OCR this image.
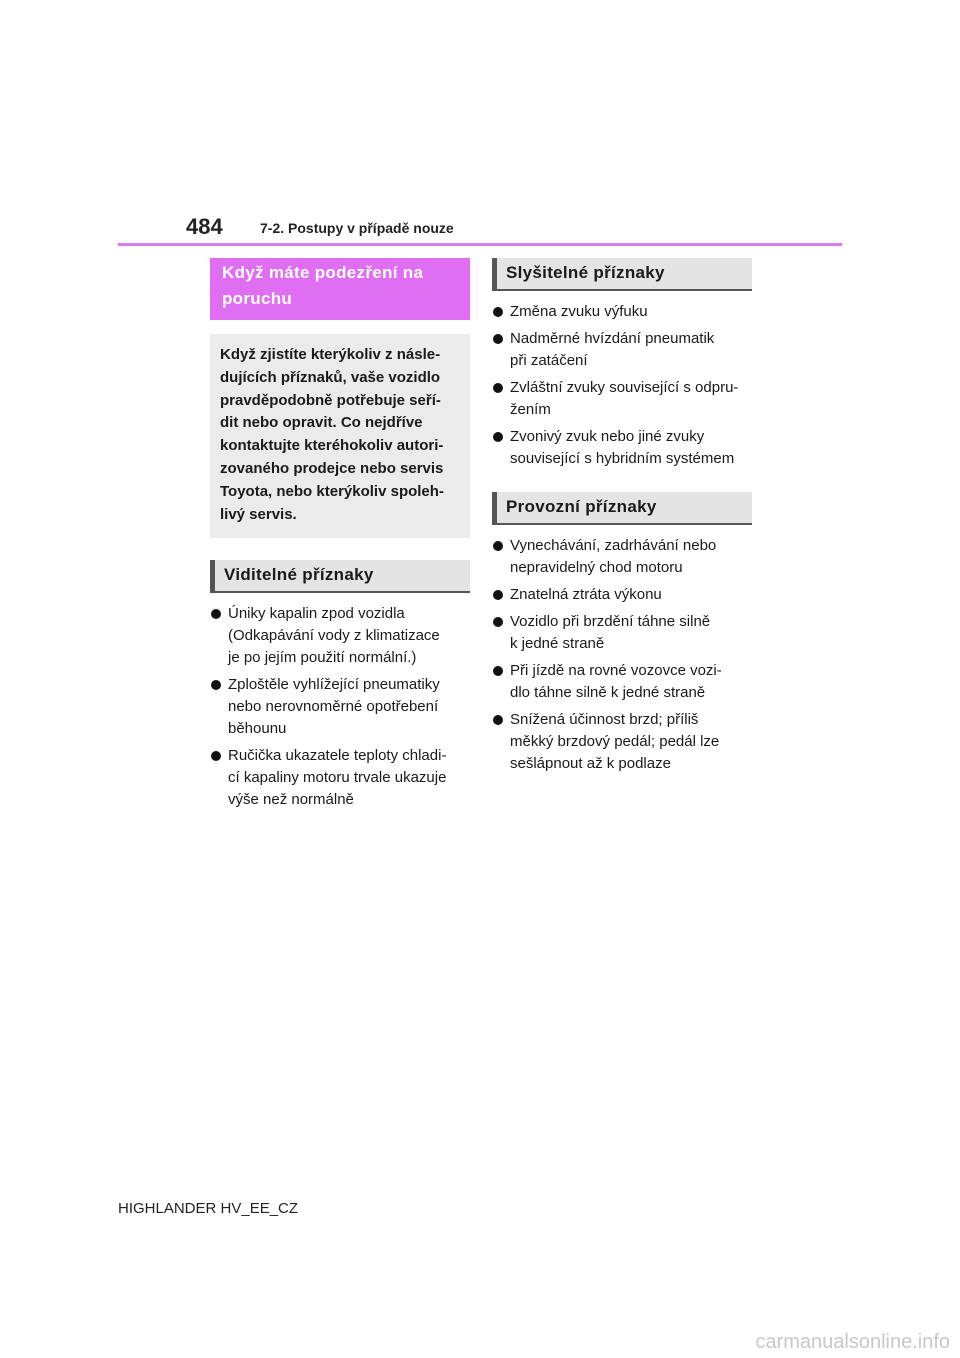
484	7-2. Postupy v případě nouze
Když máte podezření na poruchu
Když zjistíte kterýkoliv z násle-
dujících příznaků, vaše vozidlo
pravděpodobně potřebuje seří-
dit nebo opravit. Co nejdříve
kontaktujte kteréhokoliv autori-
zovaného prodejce nebo servis
Toyota, nebo kterýkoliv spoleh-
livý servis.
Viditelné příznaky
Úniky kapalin zpod vozidla
(Odkapávání vody z klimatizace
je po jejím použití normální.)
Zploštěle vyhlížející pneumatiky
nebo nerovnoměrné opotřebení
běhounu
Ručička ukazatele teploty chladi-
cí kapaliny motoru trvale ukazuje
výše než normálně
Slyšitelné příznaky
Změna zvuku výfuku
Nadměrné hvízdání pneumatik
při zatáčení
Zvláštní zvuky související s odpru-
žením
Zvonivý zvuk nebo jiné zvuky
související s hybridním systémem
Provozní příznaky
Vynechávání, zadrhávání nebo
nepravidelný chod motoru
Znatelná ztráta výkonu
Vozidlo při brzdění táhne silně
k jedné straně
Při jízdě na rovné vozovce vozi-
dlo táhne silně k jedné straně
Snížená účinnost brzd; příliš
měkký brzdový pedál; pedál lze
sešlápnout až k podlaze
HIGHLANDER HV_EE_CZ
carmanualsonline.info
